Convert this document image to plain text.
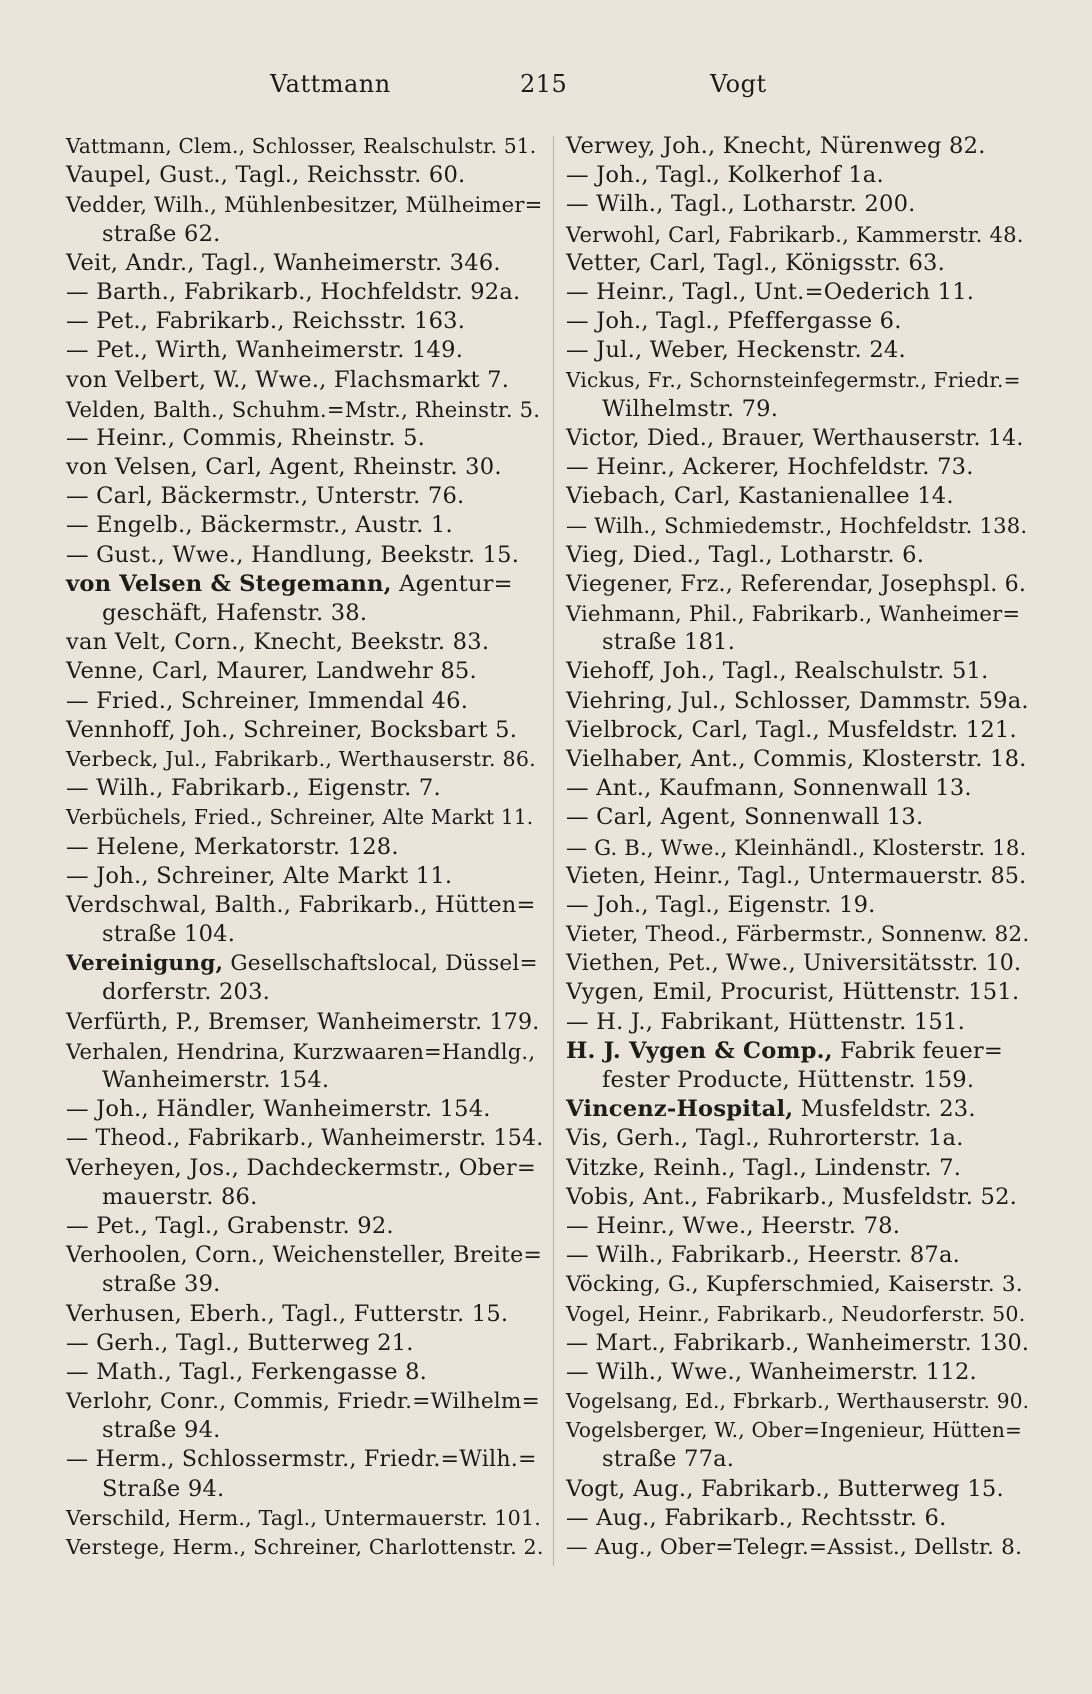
Vattmann	215	Vogt
Vattmann, Clem., Schlosser, Realschulstr. 51.
Vaupel, Gust., Tagl., Reichsstr. 60.
Vedder, Wilh., Mühlenbesitzer, Mülheimer=
straße 62.
Veit, Andr., Tagl., Wanheimerstr. 346.
— Barth., Fabrikarb., Hochfeldstr. 92a.
— Pet., Fabrikarb., Reichsstr. 163.
— Pet., Wirth, Wanheimerstr. 149.
von Velbert, W., Wwe., Flachsmarkt 7.
Velden, Balth., Schuhm.=Mstr., Rheinstr. 5.
— Heinr., Commis, Rheinstr. 5.
von Velsen, Carl, Agent, Rheinstr. 30.
— Carl, Bäckermstr., Unterstr. 76.
— Engelb., Bäckermstr., Austr. 1.
— Gust., Wwe., Handlung, Beekstr. 15.
von Velsen & Stegemann, Agentur=
geschäft, Hafenstr. 38.
van Velt, Corn., Knecht, Beekstr. 83.
Venne, Carl, Maurer, Landwehr 85.
— Fried., Schreiner, Immendal 46.
Vennhoff, Joh., Schreiner, Bocksbart 5.
Verbeck, Jul., Fabrikarb., Werthauserstr. 86.
— Wilh., Fabrikarb., Eigenstr. 7.
Verbüchels, Fried., Schreiner, Alte Markt 11.
— Helene, Merkatorstr. 128.
— Joh., Schreiner, Alte Markt 11.
Verdschwal, Balth., Fabrikarb., Hütten=
straße 104.
Vereinigung, Gesellschaftslocal, Düssel=
dorferstr. 203.
Verfürth, P., Bremser, Wanheimerstr. 179.
Verhalen, Hendrina, Kurzwaaren=Handlg.,
Wanheimerstr. 154.
— Joh., Händler, Wanheimerstr. 154.
— Theod., Fabrikarb., Wanheimerstr. 154.
Verheyen, Jos., Dachdeckermstr., Ober=
mauerstr. 86.
— Pet., Tagl., Grabenstr. 92.
Verhoolen, Corn., Weichensteller, Breite=
straße 39.
Verhusen, Eberh., Tagl., Futterstr. 15.
— Gerh., Tagl., Butterweg 21.
— Math., Tagl., Ferkengasse 8.
Verlohr, Conr., Commis, Friedr.=Wilhelm=
straße 94.
— Herm., Schlossermstr., Friedr.=Wilh.=
Straße 94.
Verschild, Herm., Tagl., Untermauerstr. 101.
Verstege, Herm., Schreiner, Charlottenstr. 2.
Verwey, Joh., Knecht, Nürenweg 82.
— Joh., Tagl., Kolkerhof 1a.
— Wilh., Tagl., Lotharstr. 200.
Verwohl, Carl, Fabrikarb., Kammerstr. 48.
Vetter, Carl, Tagl., Königsstr. 63.
— Heinr., Tagl., Unt.=Oederich 11.
— Joh., Tagl., Pfeffergasse 6.
— Jul., Weber, Heckenstr. 24.
Vickus, Fr., Schornsteinfegermstr., Friedr.=
Wilhelmstr. 79.
Victor, Died., Brauer, Werthauserstr. 14.
— Heinr., Ackerer, Hochfeldstr. 73.
Viebach, Carl, Kastanienallee 14.
— Wilh., Schmiedemstr., Hochfeldstr. 138.
Vieg, Died., Tagl., Lotharstr. 6.
Viegener, Frz., Referendar, Josephspl. 6.
Viehmann, Phil., Fabrikarb., Wanheimer=
straße 181.
Viehoff, Joh., Tagl., Realschulstr. 51.
Viehring, Jul., Schlosser, Dammstr. 59a.
Vielbrock, Carl, Tagl., Musfeldstr. 121.
Vielhaber, Ant., Commis, Klosterstr. 18.
— Ant., Kaufmann, Sonnenwall 13.
— Carl, Agent, Sonnenwall 13.
— G. B., Wwe., Kleinhändl., Klosterstr. 18.
Vieten, Heinr., Tagl., Untermauerstr. 85.
— Joh., Tagl., Eigenstr. 19.
Vieter, Theod., Färbermstr., Sonnenw. 82.
Viethen, Pet., Wwe., Universitätsstr. 10.
Vygen, Emil, Procurist, Hüttenstr. 151.
— H. J., Fabrikant, Hüttenstr. 151.
H. J. Vygen & Comp., Fabrik feuer=
fester Producte, Hüttenstr. 159.
Vincenz-Hospital, Musfeldstr. 23.
Vis, Gerh., Tagl., Ruhrorterstr. 1a.
Vitzke, Reinh., Tagl., Lindenstr. 7.
Vobis, Ant., Fabrikarb., Musfeldstr. 52.
— Heinr., Wwe., Heerstr. 78.
— Wilh., Fabrikarb., Heerstr. 87a.
Vöcking, G., Kupferschmied, Kaiserstr. 3.
Vogel, Heinr., Fabrikarb., Neudorferstr. 50.
— Mart., Fabrikarb., Wanheimerstr. 130.
— Wilh., Wwe., Wanheimerstr. 112.
Vogelsang, Ed., Fbrkarb., Werthauserstr. 90.
Vogelsberger, W., Ober=Ingenieur, Hütten=
straße 77a.
Vogt, Aug., Fabrikarb., Butterweg 15.
— Aug., Fabrikarb., Rechtsstr. 6.
— Aug., Ober=Telegr.=Assist., Dellstr. 8.
